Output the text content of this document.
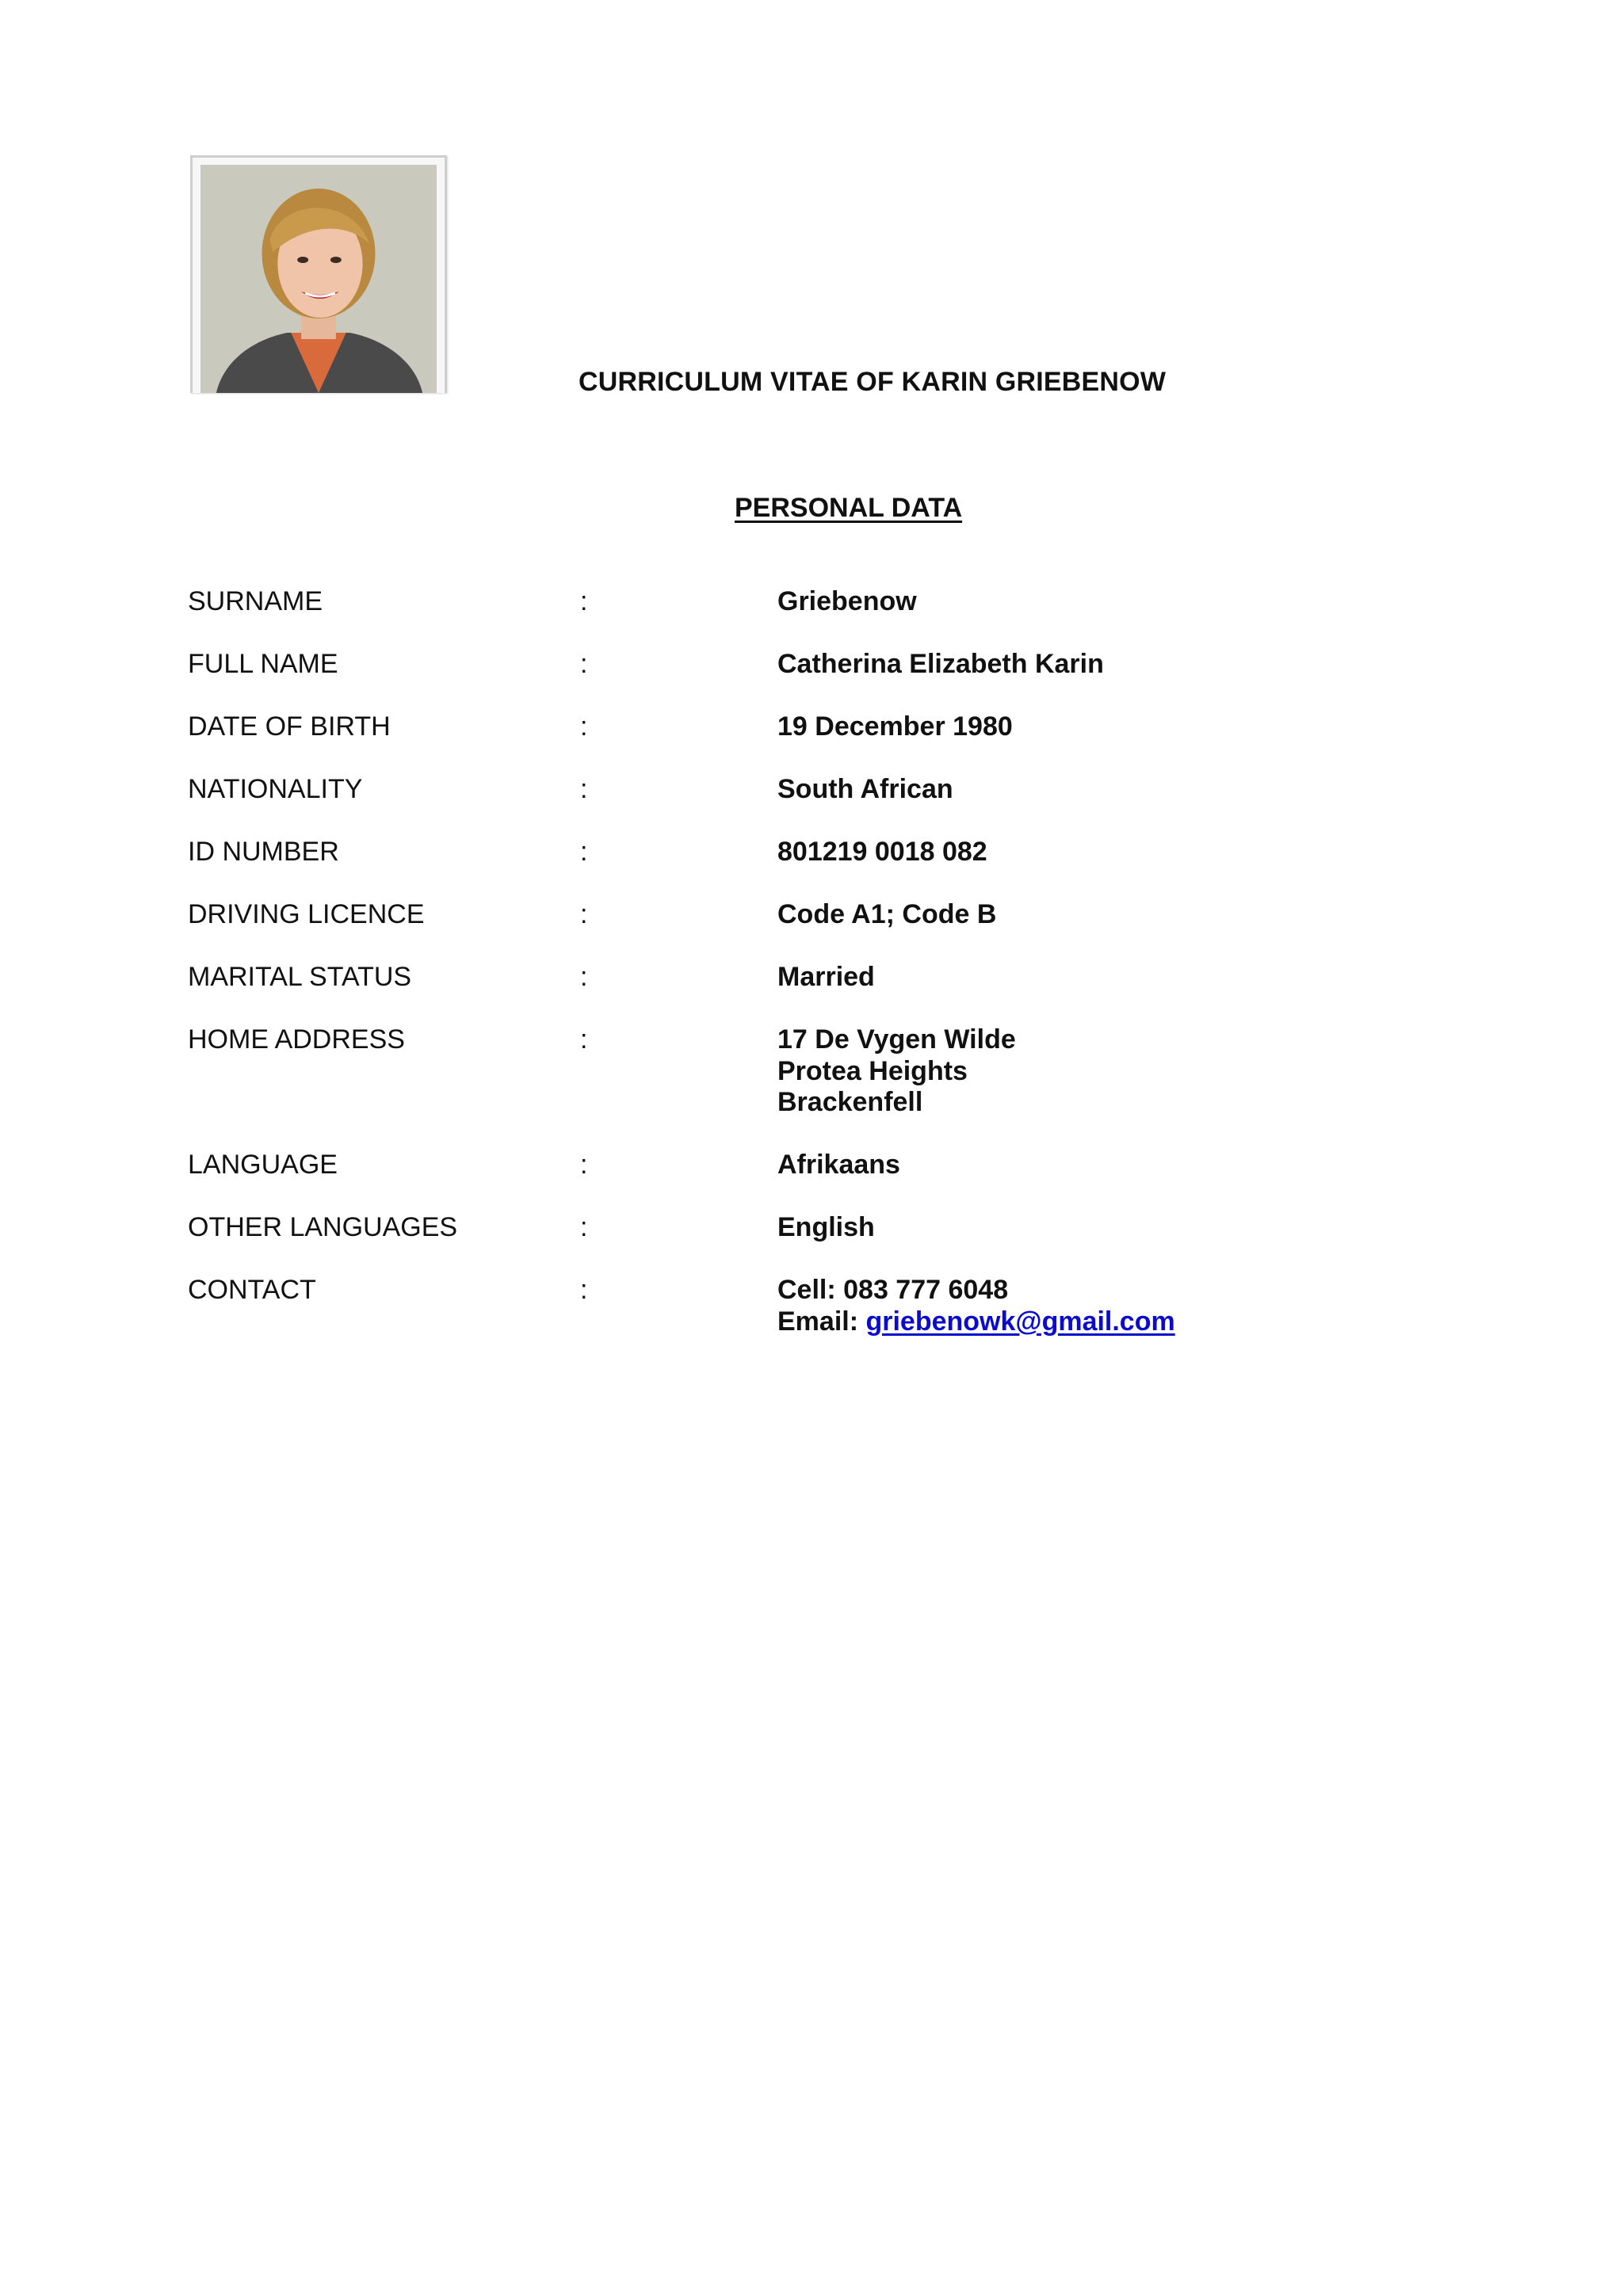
CURRICULUM VITAE OF KARIN GRIEBENOW
PERSONAL DATA
SURNAME	:	Griebenow
FULL NAME	:	Catherina Elizabeth Karin
DATE OF BIRTH	:	19 December 1980
NATIONALITY	:	South African
ID NUMBER	:	801219 0018 082
DRIVING LICENCE	:	Code A1; Code B
MARITAL STATUS	:	Married
HOME ADDRESS	:	17 De Vygen Wilde
Protea Heights
Brackenfell
LANGUAGE	:	Afrikaans
OTHER LANGUAGES	:	English
CONTACT	:	Cell: 083 777 6048
Email: griebenowk@gmail.com
